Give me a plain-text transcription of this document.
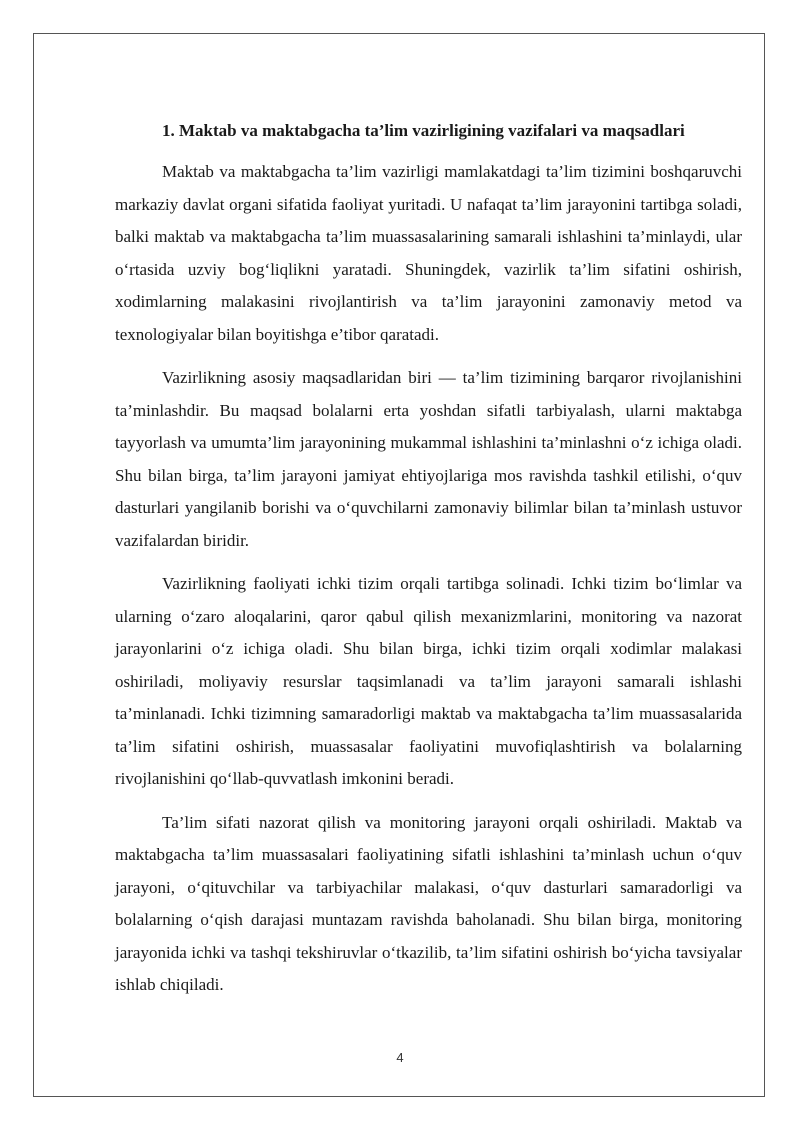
1. Maktab va maktabgacha ta’lim vazirligining vazifalari va maqsadlari

Maktab va maktabgacha ta’lim vazirligi mamlakatdagi ta’lim tizimini boshqaruvchi markaziy davlat organi sifatida faoliyat yuritadi. U nafaqat ta’lim jarayonini tartibga soladi, balki maktab va maktabgacha ta’lim muassasalarining samarali ishlashini ta’minlaydi, ular o‘rtasida uzviy bog‘liqlikni yaratadi. Shuningdek, vazirlik ta’lim sifatini oshirish, xodimlarning malakasini rivojlantirish va ta’lim jarayonini zamonaviy metod va texnologiyalar bilan boyitishga e’tibor qaratadi.

Vazirlikning asosiy maqsadlaridan biri — ta’lim tizimining barqaror rivojlanishini ta’minlashdir. Bu maqsad bolalarni erta yoshdan sifatli tarbiyalash, ularni maktabga tayyorlash va umumta’lim jarayonining mukammal ishlashini ta’minlashni o‘z ichiga oladi. Shu bilan birga, ta’lim jarayoni jamiyat ehtiyojlariga mos ravishda tashkil etilishi, o‘quv dasturlari yangilanib borishi va o‘quvchilarni zamonaviy bilimlar bilan ta’minlash ustuvor vazifalardan biridir.

Vazirlikning faoliyati ichki tizim orqali tartibga solinadi. Ichki tizim bo‘limlar va ularning o‘zaro aloqalarini, qaror qabul qilish mexanizmlarini, monitoring va nazorat jarayonlarini o‘z ichiga oladi. Shu bilan birga, ichki tizim orqali xodimlar malakasi oshiriladi, moliyaviy resurslar taqsimlanadi va ta’lim jarayoni samarali ishlashi ta’minlanadi. Ichki tizimning samaradorligi maktab va maktabgacha ta’lim muassasalarida ta’lim sifatini oshirish, muassasalar faoliyatini muvofiqlashtirish va bolalarning rivojlanishini qo‘llab-quvvatlash imkonini beradi.

Ta’lim sifati nazorat qilish va monitoring jarayoni orqali oshiriladi. Maktab va maktabgacha ta’lim muassasalari faoliyatining sifatli ishlashini ta’minlash uchun o‘quv jarayoni, o‘qituvchilar va tarbiyachilar malakasi, o‘quv dasturlari samaradorligi va bolalarning o‘qish darajasi muntazam ravishda baholanadi. Shu bilan birga, monitoring jarayonida ichki va tashqi tekshiruvlar o‘tkazilib, ta’lim sifatini oshirish bo‘yicha tavsiyalar ishlab chiqiladi.

4
